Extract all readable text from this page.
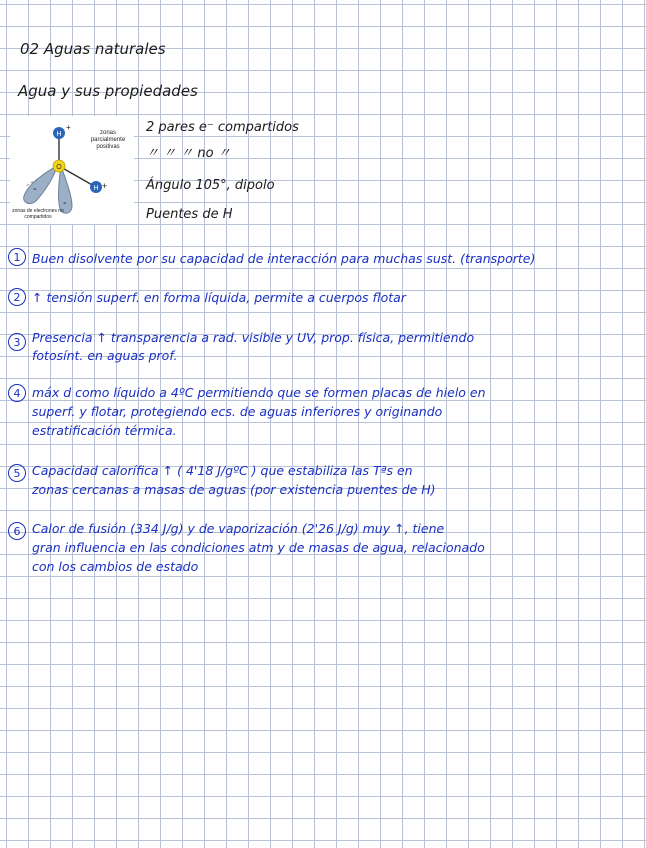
02 Aguas naturales
Agua y sus propiedades
H
O
H
-
-
+
+
zonas parcialmente positivas
zonas de electrones no compartidos
2 pares e⁻ compartidos
〃 〃 〃 no 〃
Ángulo 105°, dipolo
Puentes de H
1 Buen disolvente por su capacidad de interacción para muchas sust. (transporte)
2 ↑ tensión superf. en forma líquida, permite a cuerpos flotar
3 Presencia ↑ transparencia a rad. visible y UV, prop. física, permitiendo
fotosínt. en aguas prof.
4 máx d como líquido a 4ºC permitiendo que se formen placas de hielo en
superf. y flotar, protegiendo ecs. de aguas inferiores y originando
estratificación térmica.
5 Capacidad calorífica ↑ ( 4'18 J/gºC ) que estabiliza las Tªs en
zonas cercanas a masas de aguas (por existencia puentes de H)
6 Calor de fusión (334 J/g) y de vaporización (2'26 J/g) muy ↑, tiene
gran influencia en las condiciones atm y de masas de agua, relacionado
con los cambios de estado
